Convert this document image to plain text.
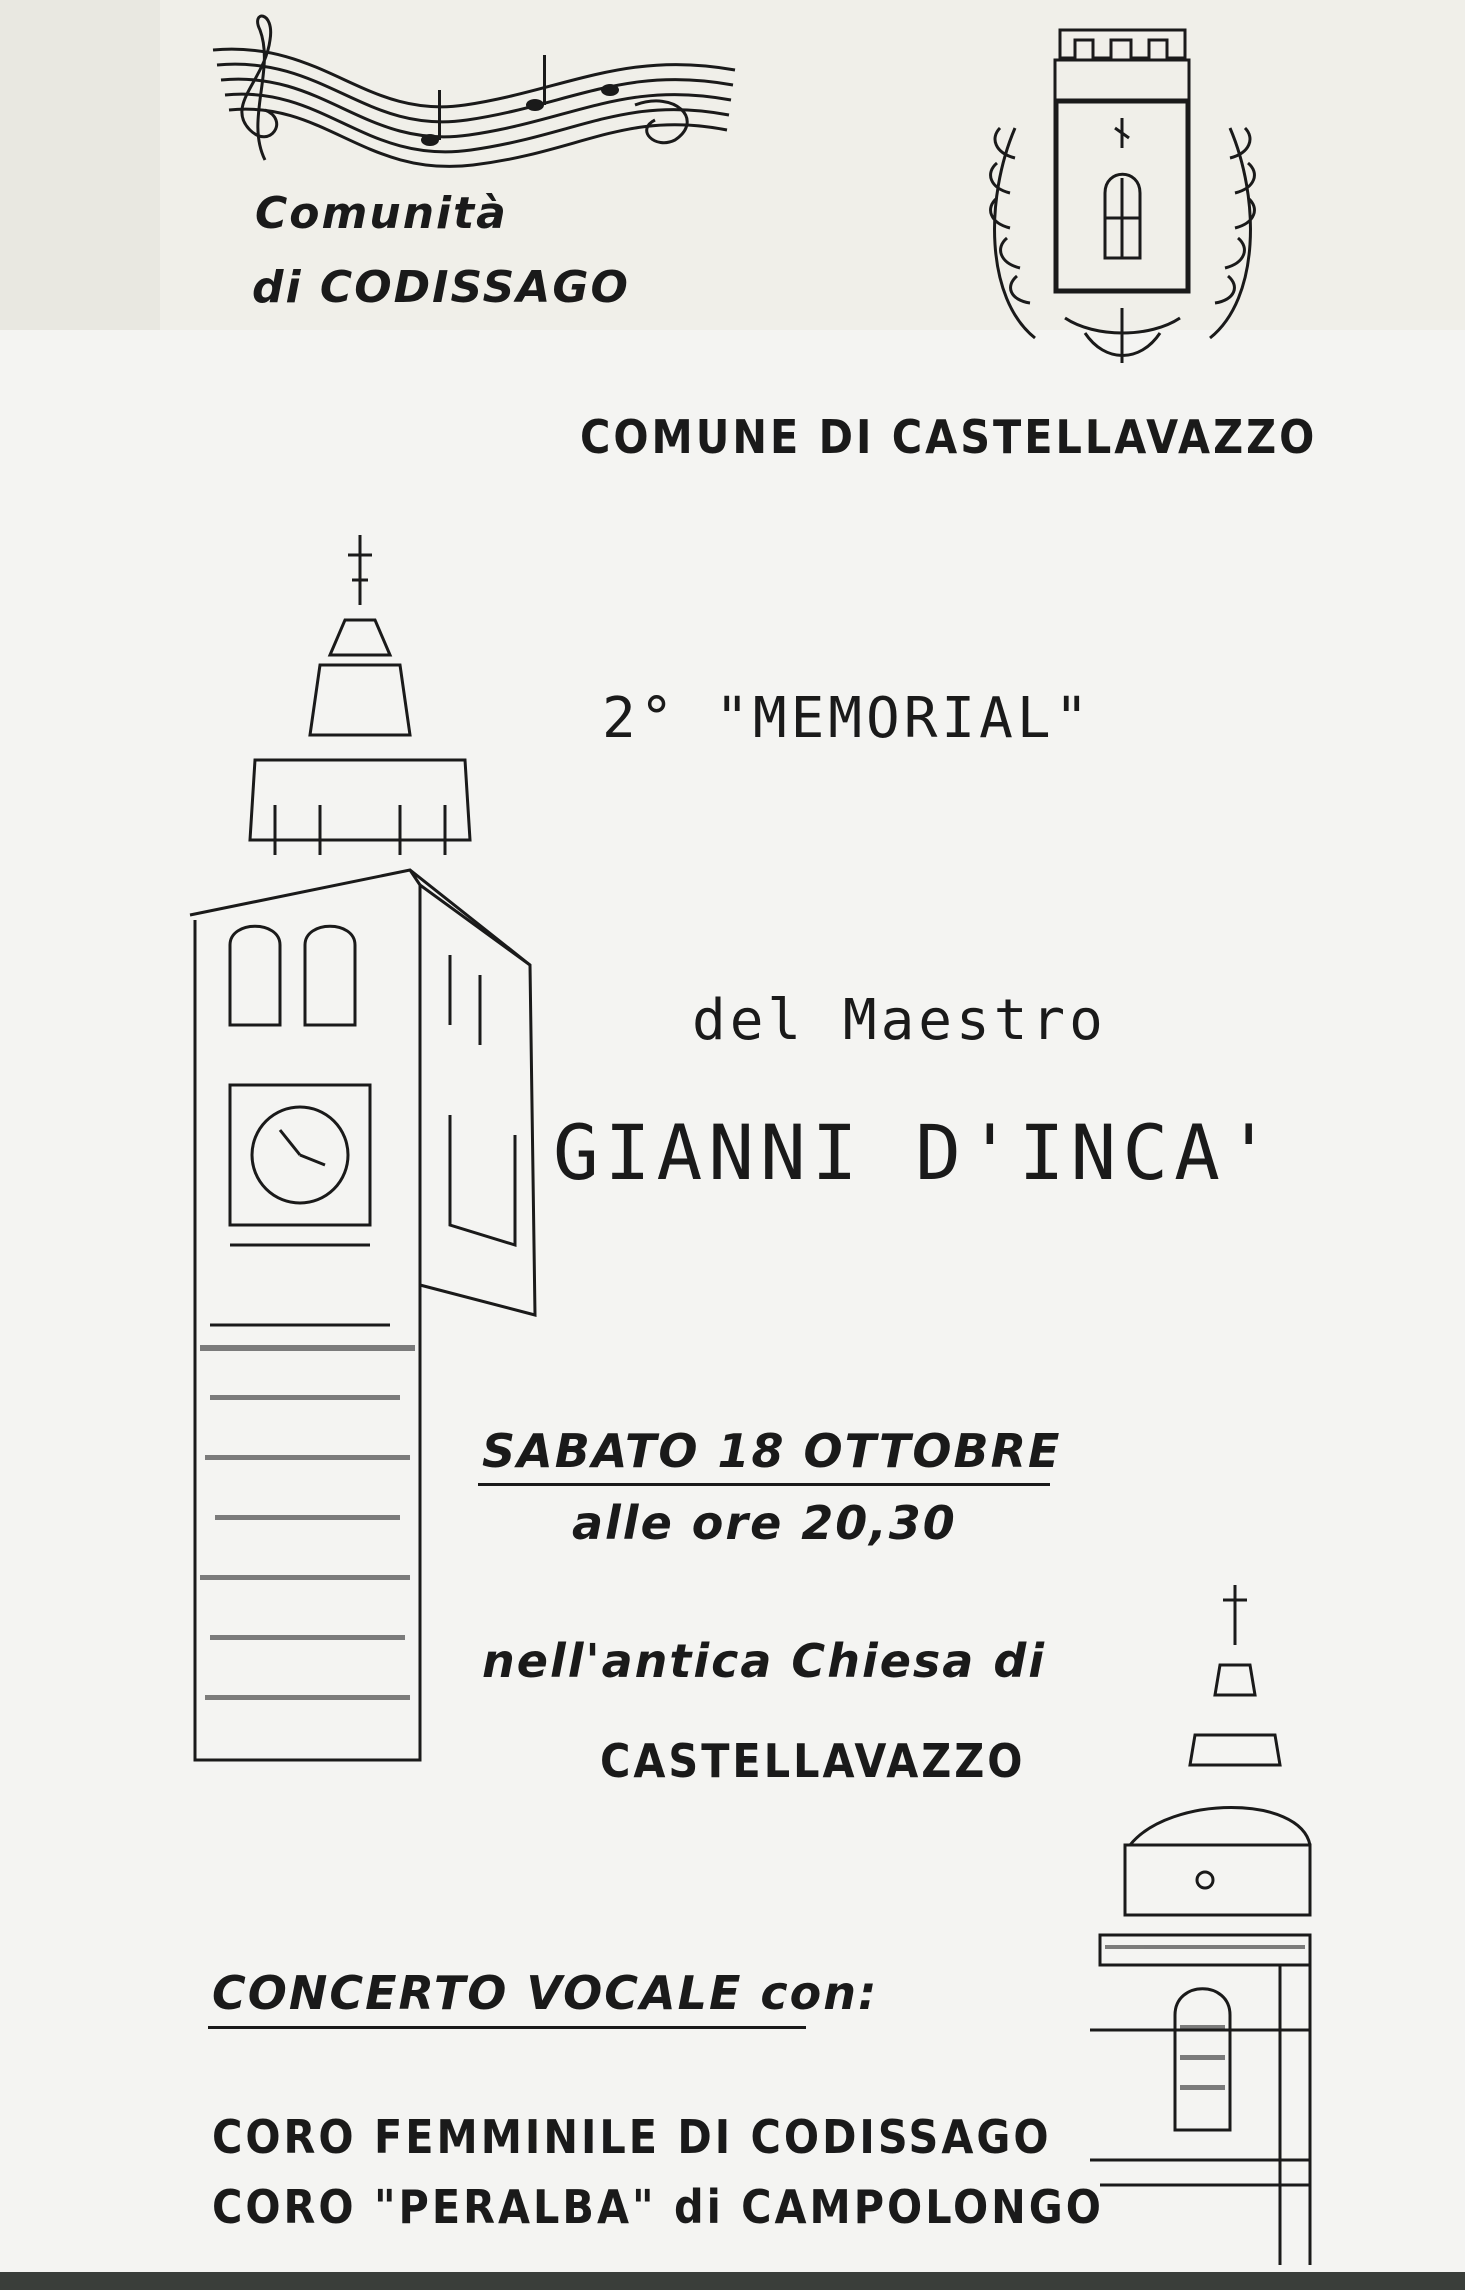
Comunità

di CODISSAGO

COMUNE DI CASTELLAVAZZO

2° "MEMORIAL"

del Maestro

GIANNI D'INCA'

SABATO 18 OTTOBRE

alle ore 20,30

nell'antica Chiesa di

CASTELLAVAZZO

CONCERTO VOCALE con:

CORO FEMMINILE DI CODISSAGO

CORO "PERALBA" di CAMPOLONGO
